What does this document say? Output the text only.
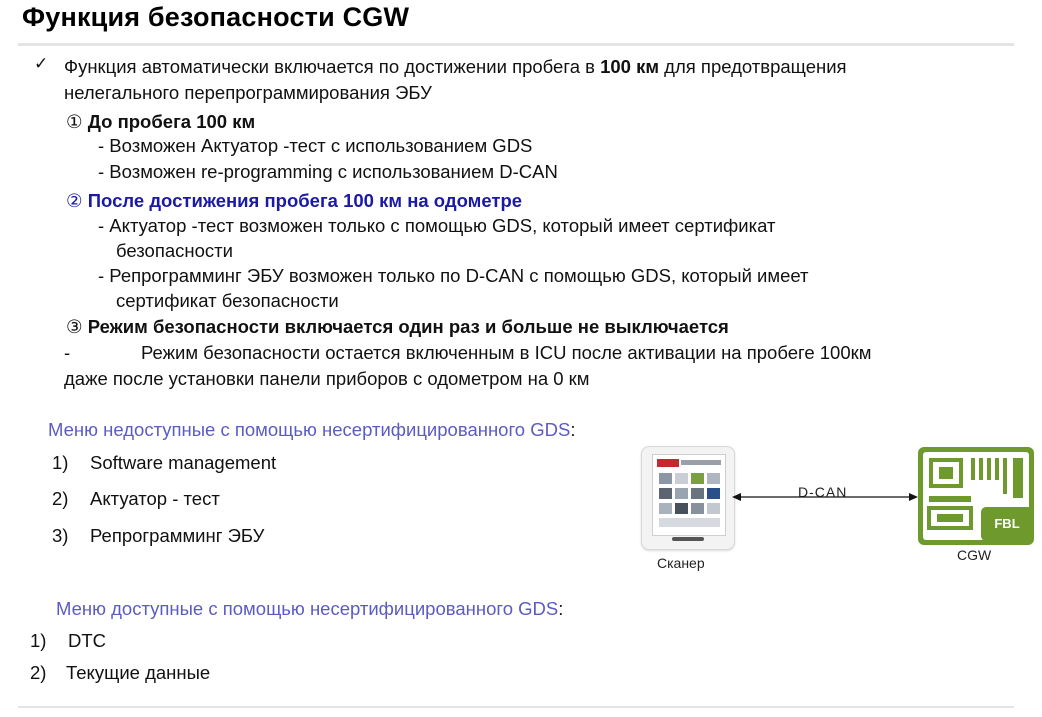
Функция безопасности CGW
✓ Функция автоматически включается по достижении пробега в 100 км для предотвращения
нелегального перепрограммирования ЭБУ
① До пробега 100 км
- Возможен Актуатор -тест с использованием GDS
- Возможен re-programming с использованием D-CAN
② После достижения пробега 100 км на одометре
- Актуатор -тест возможен только с помощью GDS, который имеет сертификат
безопасности
- Репрограмминг ЭБУ возможен только по D-CAN с помощью GDS, который имеет
сертификат безопасности
③ Режим безопасности включается один раз и больше не выключается
-	Режим безопасности остается включенным в ICU после активации на пробеге 100км
даже после установки панели приборов с одометром на 0 км
Меню недоступные с помощью несертифицированного GDS:
1) Software management
2) Актуатор - тест
3) Репрограмминг ЭБУ
Меню доступные с помощью несертифицированного GDS:
1) DTC
2) Текущие данные
Сканер
D-CAN
FBL
CGW
